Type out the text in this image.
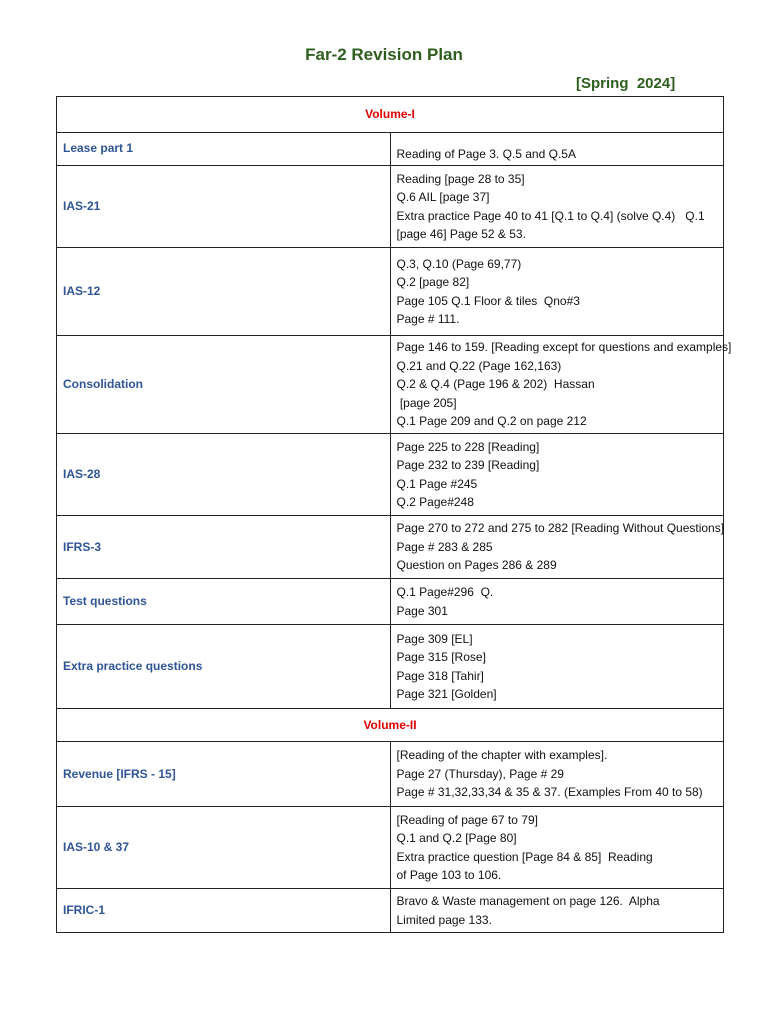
Far-2 Revision Plan
[Spring  2024]
Volume-I	
Lease part 1	Reading of Page 3. Q.5 and Q.5A

IAS-21	Reading [page 28 to 35]
Q.6 AIL [page 37]
Extra practice Page 40 to 41 [Q.1 to Q.4] (solve Q.4)   Q.1
[page 46] Page 52 & 53.

IAS-12	Q.3, Q.10 (Page 69,77)
Q.2 [page 82]
Page 105 Q.1 Floor & tiles  Qno#3
Page # 111.

Consolidation	Page 146 to 159. [Reading except for questions and examples]
Q.21 and Q.22 (Page 162,163)
Q.2 & Q.4 (Page 196 & 202)  Hassan
[page 205]
Q.1 Page 209 and Q.2 on page 212

IAS-28	Page 225 to 228 [Reading]
Page 232 to 239 [Reading]
Q.1 Page #245
Q.2 Page#248

IFRS-3	Page 270 to 272 and 275 to 282 [Reading Without Questions]
Page # 283 & 285
Question on Pages 286 & 289

Test questions	Q.1 Page#296  Q.
Page 301

Extra practice questions	Page 309 [EL]
Page 315 [Rose]
Page 318 [Tahir]
Page 321 [Golden]

Volume-II	
Revenue [IFRS - 15]	[Reading of the chapter with examples].
Page 27 (Thursday), Page # 29
Page # 31,32,33,34 & 35 & 37. (Examples From 40 to 58)

IAS-10 & 37	[Reading of page 67 to 79]
Q.1 and Q.2 [Page 80]
Extra practice question [Page 84 & 85]  Reading
of Page 103 to 106.

IFRIC-1	Bravo & Waste management on page 126.  Alpha
Limited page 133.
